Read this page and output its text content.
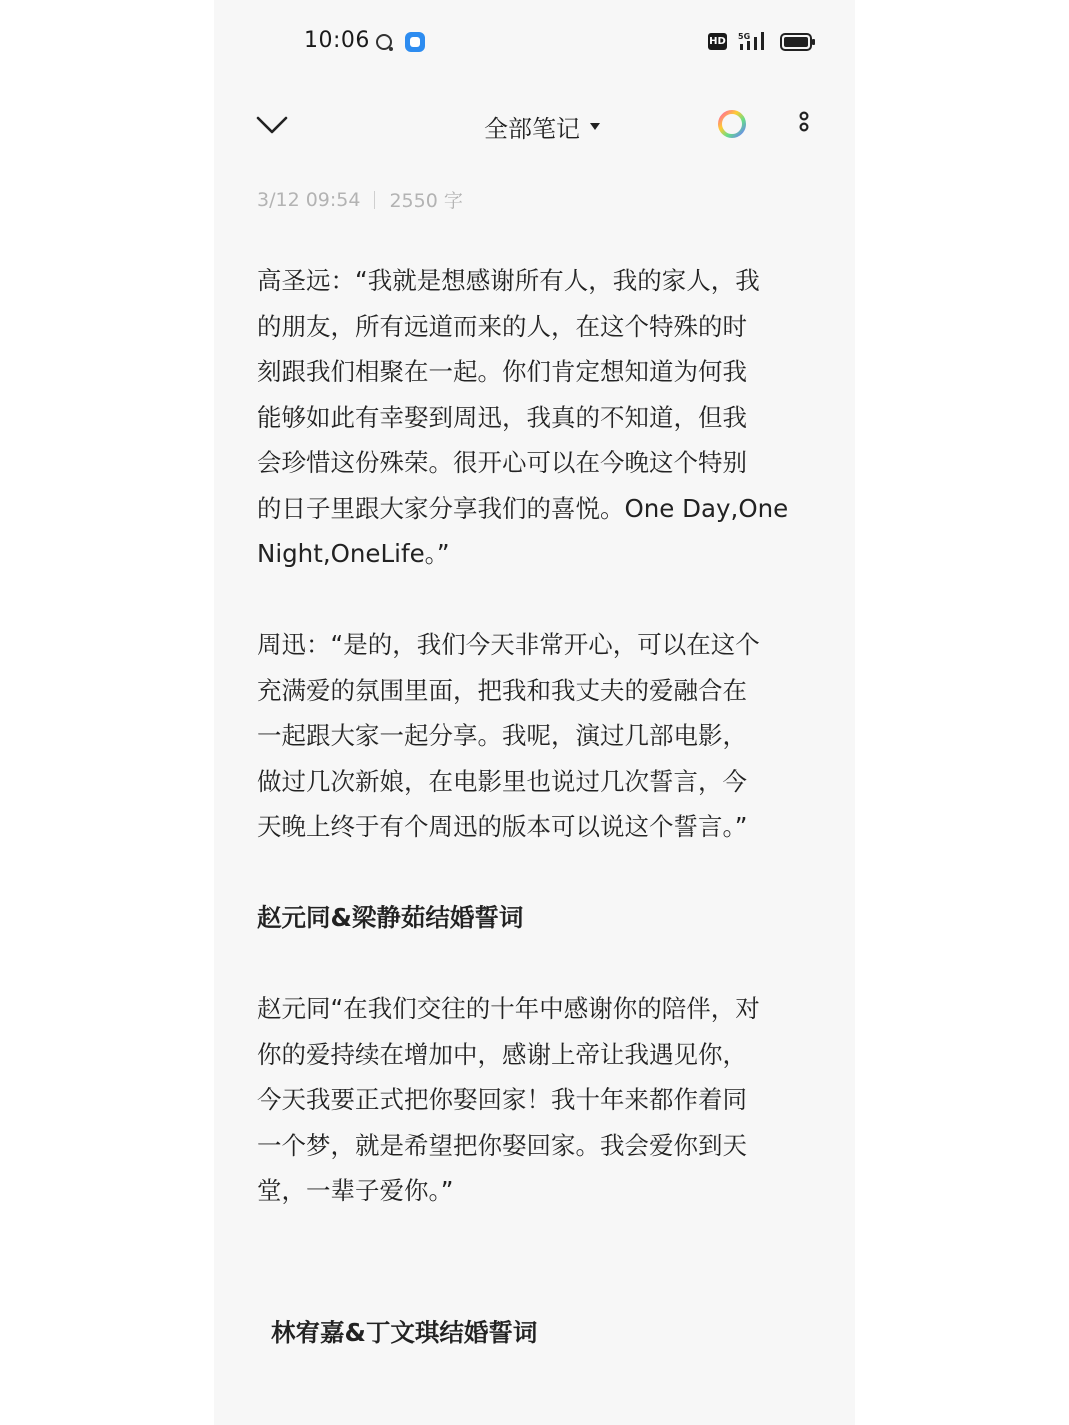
10:06	HD 5G
全部笔记
3/12 09:54 2550 字

高圣远：“我就是想感谢所有人，我的家人，我
的朋友，所有远道而来的人，在这个特殊的时
刻跟我们相聚在一起。你们肯定想知道为何我
能够如此有幸娶到周迅，我真的不知道，但我
会珍惜这份殊荣。很开心可以在今晚这个特别
的日子里跟大家分享我们的喜悦。One Day,One
Night,OneLife。”

周迅：“是的，我们今天非常开心，可以在这个
充满爱的氛围里面，把我和我丈夫的爱融合在
一起跟大家一起分享。我呢，演过几部电影，
做过几次新娘，在电影里也说过几次誓言，今
天晚上终于有个周迅的版本可以说这个誓言。”

赵元同&梁静茹结婚誓词

赵元同“在我们交往的十年中感谢你的陪伴，对
你的爱持续在增加中，感谢上帝让我遇见你，
今天我要正式把你娶回家！我十年来都作着同
一个梦，就是希望把你娶回家。我会爱你到天
堂，一辈子爱你。”

林宥嘉&丁文琪结婚誓词
